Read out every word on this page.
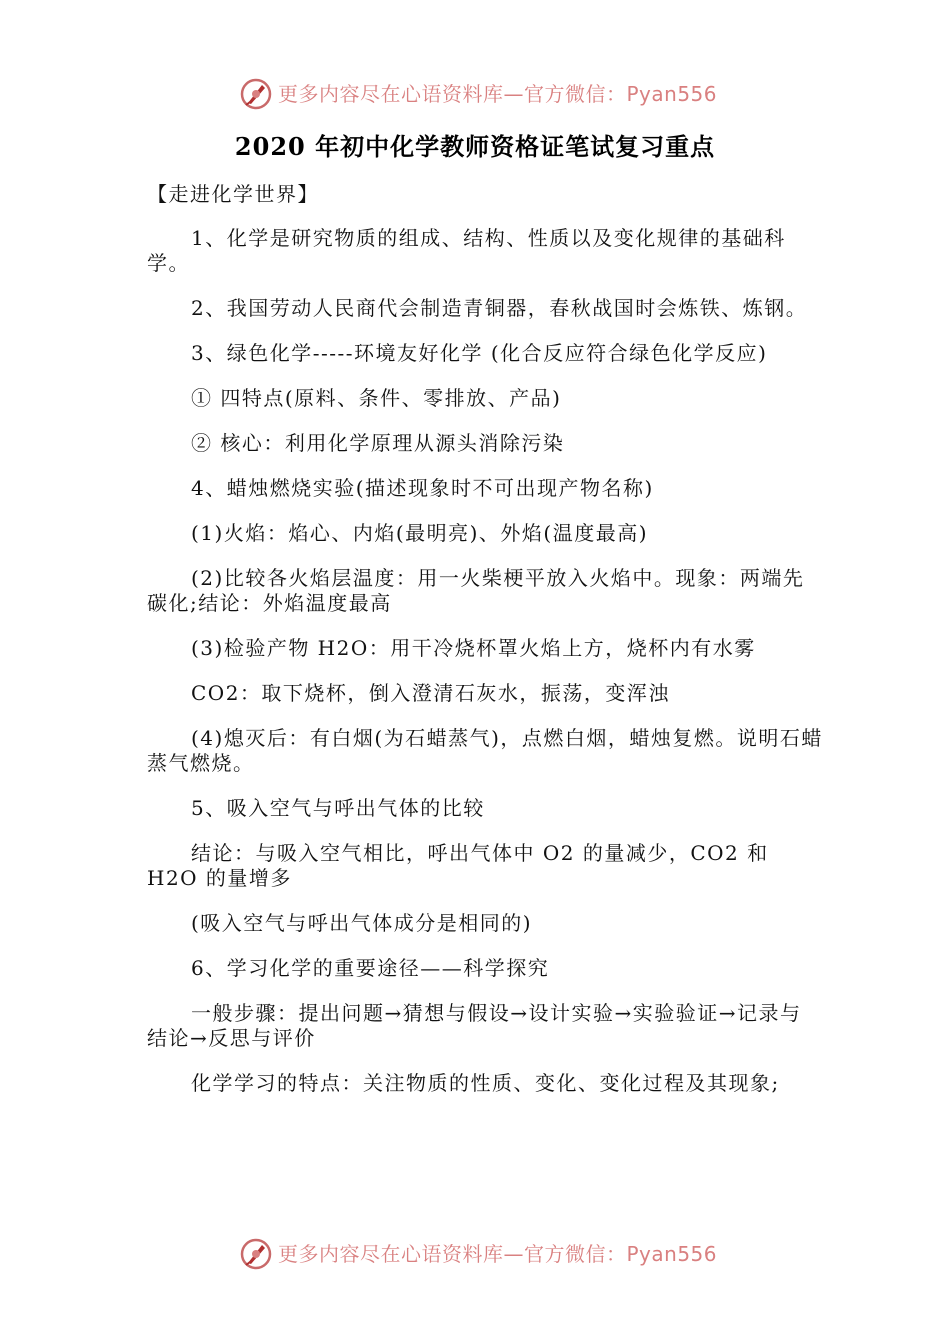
更多内容尽在心语资料库—官方微信：Pyan556
2020 年初中化学教师资格证笔试复习重点
【走进化学世界】

1、化学是研究物质的组成、结构、性质以及变化规律的基础科学。

2、我国劳动人民商代会制造青铜器，春秋战国时会炼铁、炼钢。

3、绿色化学-----环境友好化学 (化合反应符合绿色化学反应)

① 四特点(原料、条件、零排放、产品)

② 核心：利用化学原理从源头消除污染

4、蜡烛燃烧实验(描述现象时不可出现产物名称)

(1)火焰：焰心、内焰(最明亮)、外焰(温度最高)

(2)比较各火焰层温度：用一火柴梗平放入火焰中。现象：两端先碳化;结论：外焰温度最高

(3)检验产物 H2O：用干冷烧杯罩火焰上方，烧杯内有水雾

CO2：取下烧杯，倒入澄清石灰水，振荡，变浑浊

(4)熄灭后：有白烟(为石蜡蒸气)，点燃白烟，蜡烛复燃。说明石蜡蒸气燃烧。

5、吸入空气与呼出气体的比较

结论：与吸入空气相比，呼出气体中 O2 的量减少，CO2 和 H2O 的量增多

(吸入空气与呼出气体成分是相同的)

6、学习化学的重要途径——科学探究

一般步骤：提出问题→猜想与假设→设计实验→实验验证→记录与结论→反思与评价

化学学习的特点：关注物质的性质、变化、变化过程及其现象;

更多内容尽在心语资料库—官方微信：Pyan556
